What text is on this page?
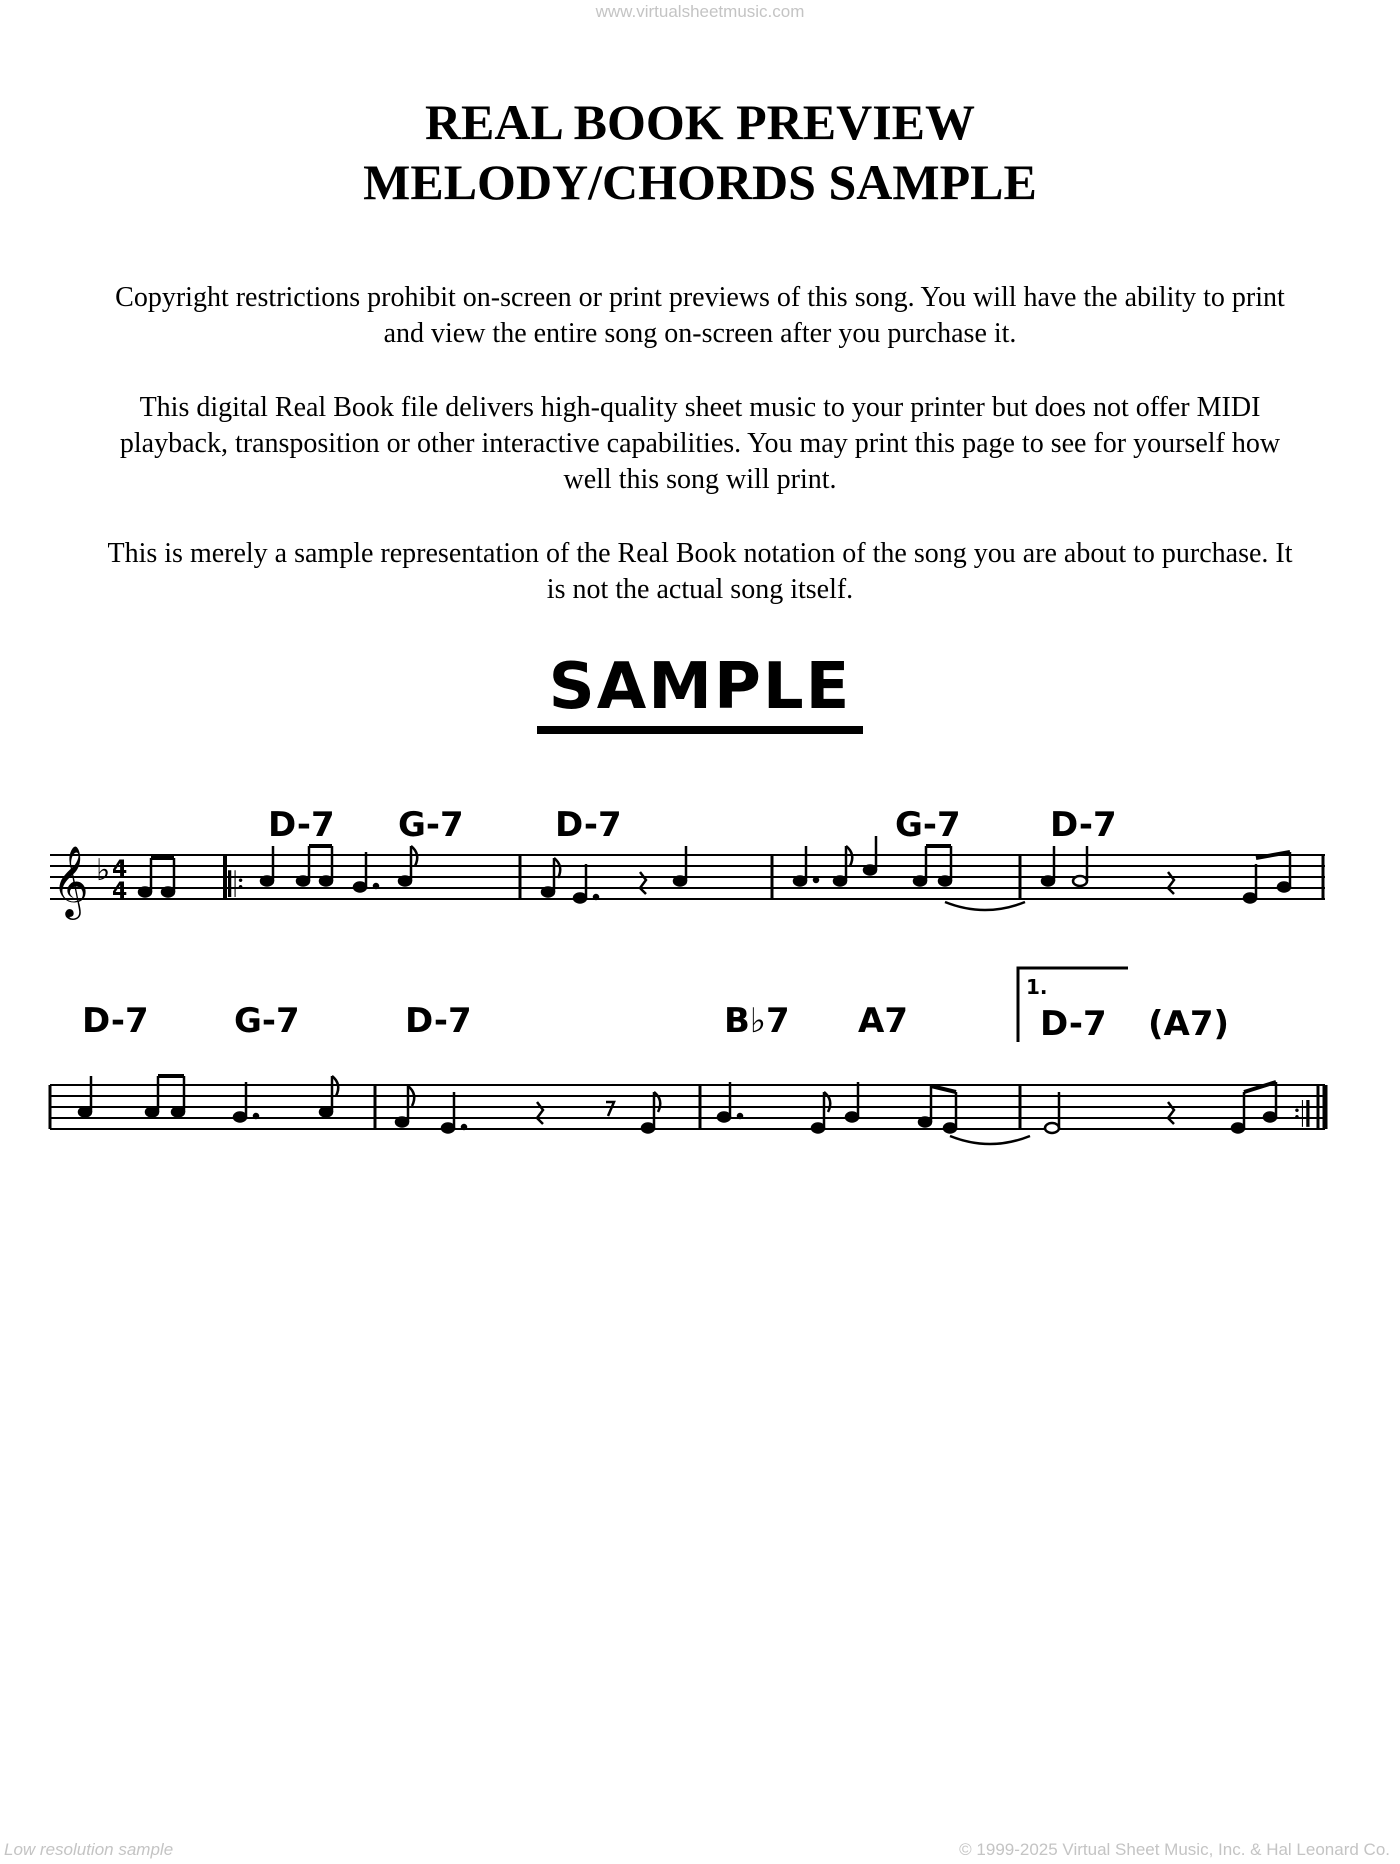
www.virtualsheetmusic.com
REAL BOOK PREVIEW
MELODY/CHORDS SAMPLE

Copyright restrictions prohibit on-screen or print previews of this song. You will have the ability to print and view the entire song on-screen after you purchase it.

This digital Real Book file delivers high-quality sheet music to your printer but does not offer MIDI playback, transposition or other interactive capabilities. You may print this page to see for yourself how well this song will print.

This is merely a sample representation of the Real Book notation of the song you are about to purchase. It is not the actual song itself.

SAMPLE
D-7 G-7	D-7	G-7	D-7
𝄞 ♭ 4
4	𝄆
D-7	G-7	D-7	B♭7 A7	D-7 (A7)
1.
𝄇
Low resolution sample	© 1999-2025 Virtual Sheet Music, Inc. & Hal Leonard Co.
